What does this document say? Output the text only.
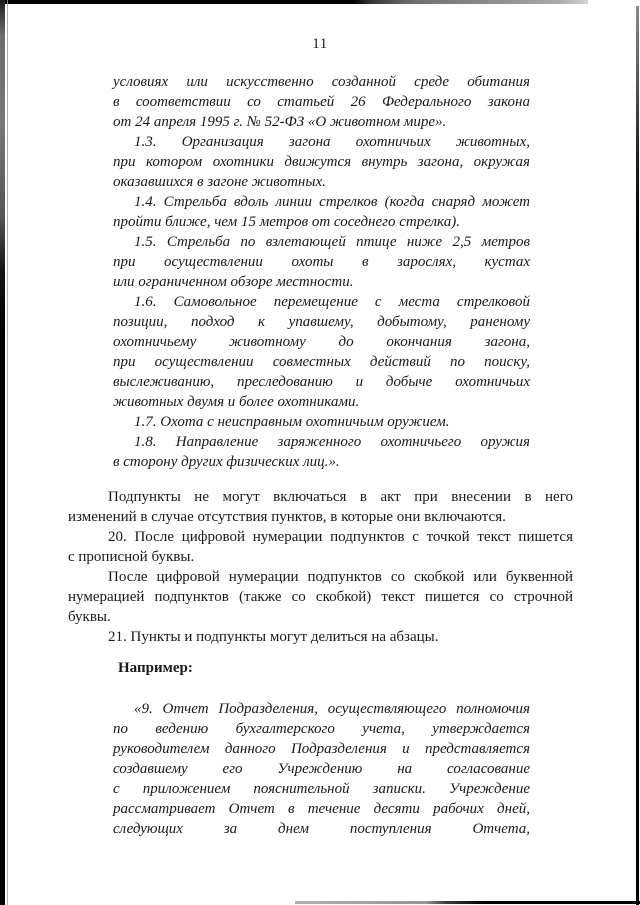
11
условиях или искусственно созданной среде обитания
в соответствии со статьей 26 Федерального закона
от 24 апреля 1995 г. № 52-ФЗ «О животном мире».
1.3. Организация загона охотничьих животных,
при котором охотники движутся внутрь загона, окружая
оказавшихся в загоне животных.
1.4. Стрельба вдоль линии стрелков (когда снаряд может
пройти ближе, чем 15 метров от соседнего стрелка).
1.5. Стрельба по взлетающей птице ниже 2,5 метров
при осуществлении охоты в зарослях, кустах
или ограниченном обзоре местности.
1.6. Самовольное перемещение с места стрелковой
позиции, подход к упавшему, добытому, раненому
охотничьему животному до окончания загона,
при осуществлении совместных действий по поиску,
выслеживанию, преследованию и добыче охотничьих
животных двумя и более охотниками.
1.7. Охота с неисправным охотничьим оружием.
1.8. Направление заряженного охотничьего оружия
в сторону других физических лиц.».
Подпункты не могут включаться в акт при внесении в него
изменений в случае отсутствия пунктов, в которые они включаются.
20. После цифровой нумерации подпунктов с точкой текст пишется
с прописной буквы.
После цифровой нумерации подпунктов со скобкой или буквенной
нумерацией подпунктов (также со скобкой) текст пишется со строчной
буквы.
21. Пункты и подпункты могут делиться на абзацы.
Например:
«9. Отчет Подразделения, осуществляющего полномочия
по ведению бухгалтерского учета, утверждается
руководителем данного Подразделения и представляется
создавшему его Учреждению на согласование
с приложением пояснительной записки. Учреждение
рассматривает Отчет в течение десяти рабочих дней,
следующих за днем поступления Отчета,
